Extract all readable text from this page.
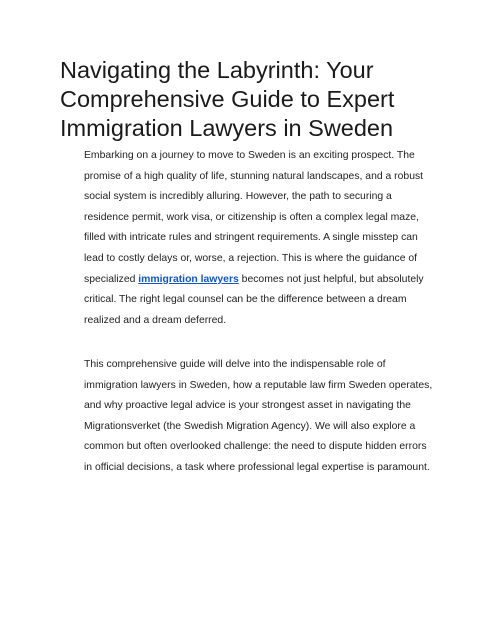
Navigating the Labyrinth: Your
Comprehensive Guide to Expert
Immigration Lawyers in Sweden

Embarking on a journey to move to Sweden is an exciting prospect. The
promise of a high quality of life, stunning natural landscapes, and a robust
social system is incredibly alluring. However, the path to securing a
residence permit, work visa, or citizenship is often a complex legal maze,
filled with intricate rules and stringent requirements. A single misstep can
lead to costly delays or, worse, a rejection. This is where the guidance of
specialized immigration lawyers becomes not just helpful, but absolutely
critical. The right legal counsel can be the difference between a dream
realized and a dream deferred.

This comprehensive guide will delve into the indispensable role of
immigration lawyers in Sweden, how a reputable law firm Sweden operates,
and why proactive legal advice is your strongest asset in navigating the
Migrationsverket (the Swedish Migration Agency). We will also explore a
common but often overlooked challenge: the need to dispute hidden errors
in official decisions, a task where professional legal expertise is paramount.
